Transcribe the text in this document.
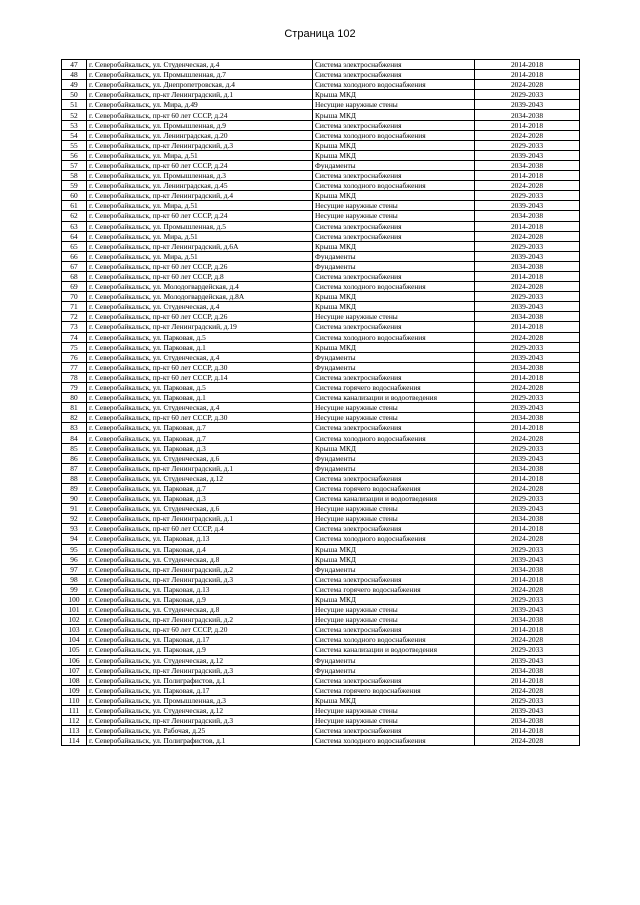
Страница 102
47	г. Северобайкальск, ул. Студенческая, д.4	Система электроснабжения	2014-2018
48	г. Северобайкальск, ул. Промышленная, д.7	Система электроснабжения	2014-2018
49	г. Северобайкальск, ул. Днепропетровская, д.4	Система холодного водоснабжения	2024-2028
50	г. Северобайкальск, пр-кт Ленинградский, д.1	Крыша МКД	2029-2033
51	г. Северобайкальск, ул. Мира, д.49	Несущие наружные стены	2039-2043
52	г. Северобайкальск, пр-кт 60 лет СССР, д.24	Крыша МКД	2034-2038
53	г. Северобайкальск, ул. Промышленная, д.9	Система электроснабжения	2014-2018
54	г. Северобайкальск, ул. Ленинградская, д.20	Система холодного водоснабжения	2024-2028
55	г. Северобайкальск, пр-кт Ленинградский, д.3	Крыша МКД	2029-2033
56	г. Северобайкальск, ул. Мира, д.51	Крыша МКД	2039-2043
57	г. Северобайкальск, пр-кт 60 лет СССР, д.24	Фундаменты	2034-2038
58	г. Северобайкальск, ул. Промышленная, д.3	Система электроснабжения	2014-2018
59	г. Северобайкальск, ул. Ленинградская, д.45	Система холодного водоснабжения	2024-2028
60	г. Северобайкальск, пр-кт Ленинградский, д.4	Крыша МКД	2029-2033
61	г. Северобайкальск, ул. Мира, д.51	Несущие наружные стены	2039-2043
62	г. Северобайкальск, пр-кт 60 лет СССР, д.24	Несущие наружные стены	2034-2038
63	г. Северобайкальск, ул. Промышленная, д.5	Система электроснабжения	2014-2018
64	г. Северобайкальск, ул. Мира, д.51	Система электроснабжения	2024-2028
65	г. Северобайкальск, пр-кт Ленинградский, д.6А	Крыша МКД	2029-2033
66	г. Северобайкальск, ул. Мира, д.51	Фундаменты	2039-2043
67	г. Северобайкальск, пр-кт 60 лет СССР, д.26	Фундаменты	2034-2038
68	г. Северобайкальск, пр-кт 60 лет СССР, д.8	Система электроснабжения	2014-2018
69	г. Северобайкальск, ул. Молодогвардейская, д.4	Система холодного водоснабжения	2024-2028
70	г. Северобайкальск, ул. Молодогвардейская, д.8А	Крыша МКД	2029-2033
71	г. Северобайкальск, ул. Студенческая, д.4	Крыша МКД	2039-2043
72	г. Северобайкальск, пр-кт 60 лет СССР, д.26	Несущие наружные стены	2034-2038
73	г. Северобайкальск, пр-кт Ленинградский, д.19	Система электроснабжения	2014-2018
74	г. Северобайкальск, ул. Парковая, д.5	Система холодного водоснабжения	2024-2028
75	г. Северобайкальск, ул. Парковая, д.1	Крыша МКД	2029-2033
76	г. Северобайкальск, ул. Студенческая, д.4	Фундаменты	2039-2043
77	г. Северобайкальск, пр-кт 60 лет СССР, д.30	Фундаменты	2034-2038
78	г. Северобайкальск, пр-кт 60 лет СССР, д.14	Система электроснабжения	2014-2018
79	г. Северобайкальск, ул. Парковая, д.5	Система горячего водоснабжения	2024-2028
80	г. Северобайкальск, ул. Парковая, д.1	Система канализации и водоотведения	2029-2033
81	г. Северобайкальск, ул. Студенческая, д.4	Несущие наружные стены	2039-2043
82	г. Северобайкальск, пр-кт 60 лет СССР, д.30	Несущие наружные стены	2034-2038
83	г. Северобайкальск, ул. Парковая, д.7	Система электроснабжения	2014-2018
84	г. Северобайкальск, ул. Парковая, д.7	Система холодного водоснабжения	2024-2028
85	г. Северобайкальск, ул. Парковая, д.3	Крыша МКД	2029-2033
86	г. Северобайкальск, ул. Студенческая, д.6	Фундаменты	2039-2043
87	г. Северобайкальск, пр-кт Ленинградский, д.1	Фундаменты	2034-2038
88	г. Северобайкальск, ул. Студенческая, д.12	Система электроснабжения	2014-2018
89	г. Северобайкальск, ул. Парковая, д.7	Система горячего водоснабжения	2024-2028
90	г. Северобайкальск, ул. Парковая, д.3	Система канализации и водоотведения	2029-2033
91	г. Северобайкальск, ул. Студенческая, д.6	Несущие наружные стены	2039-2043
92	г. Северобайкальск, пр-кт Ленинградский, д.1	Несущие наружные стены	2034-2038
93	г. Северобайкальск, пр-кт 60 лет СССР, д.4	Система электроснабжения	2014-2018
94	г. Северобайкальск, ул. Парковая, д.13	Система холодного водоснабжения	2024-2028
95	г. Северобайкальск, ул. Парковая, д.4	Крыша МКД	2029-2033
96	г. Северобайкальск, ул. Студенческая, д.8	Крыша МКД	2039-2043
97	г. Северобайкальск, пр-кт Ленинградский, д.2	Фундаменты	2034-2038
98	г. Северобайкальск, пр-кт Ленинградский, д.3	Система электроснабжения	2014-2018
99	г. Северобайкальск, ул. Парковая, д.13	Система горячего водоснабжения	2024-2028
100	г. Северобайкальск, ул. Парковая, д.9	Крыша МКД	2029-2033
101	г. Северобайкальск, ул. Студенческая, д.8	Несущие наружные стены	2039-2043
102	г. Северобайкальск, пр-кт Ленинградский, д.2	Несущие наружные стены	2034-2038
103	г. Северобайкальск, пр-кт 60 лет СССР, д.20	Система электроснабжения	2014-2018
104	г. Северобайкальск, ул. Парковая, д.17	Система холодного водоснабжения	2024-2028
105	г. Северобайкальск, ул. Парковая, д.9	Система канализации и водоотведения	2029-2033
106	г. Северобайкальск, ул. Студенческая, д.12	Фундаменты	2039-2043
107	г. Северобайкальск, пр-кт Ленинградский, д.3	Фундаменты	2034-2038
108	г. Северобайкальск, ул. Полиграфистов, д.1	Система электроснабжения	2014-2018
109	г. Северобайкальск, ул. Парковая, д.17	Система горячего водоснабжения	2024-2028
110	г. Северобайкальск, ул. Промышленная, д.3	Крыша МКД	2029-2033
111	г. Северобайкальск, ул. Студенческая, д.12	Несущие наружные стены	2039-2043
112	г. Северобайкальск, пр-кт Ленинградский, д.3	Несущие наружные стены	2034-2038
113	г. Северобайкальск, ул. Рабочая, д.25	Система электроснабжения	2014-2018
114	г. Северобайкальск, ул. Полиграфистов, д.1	Система холодного водоснабжения	2024-2028
